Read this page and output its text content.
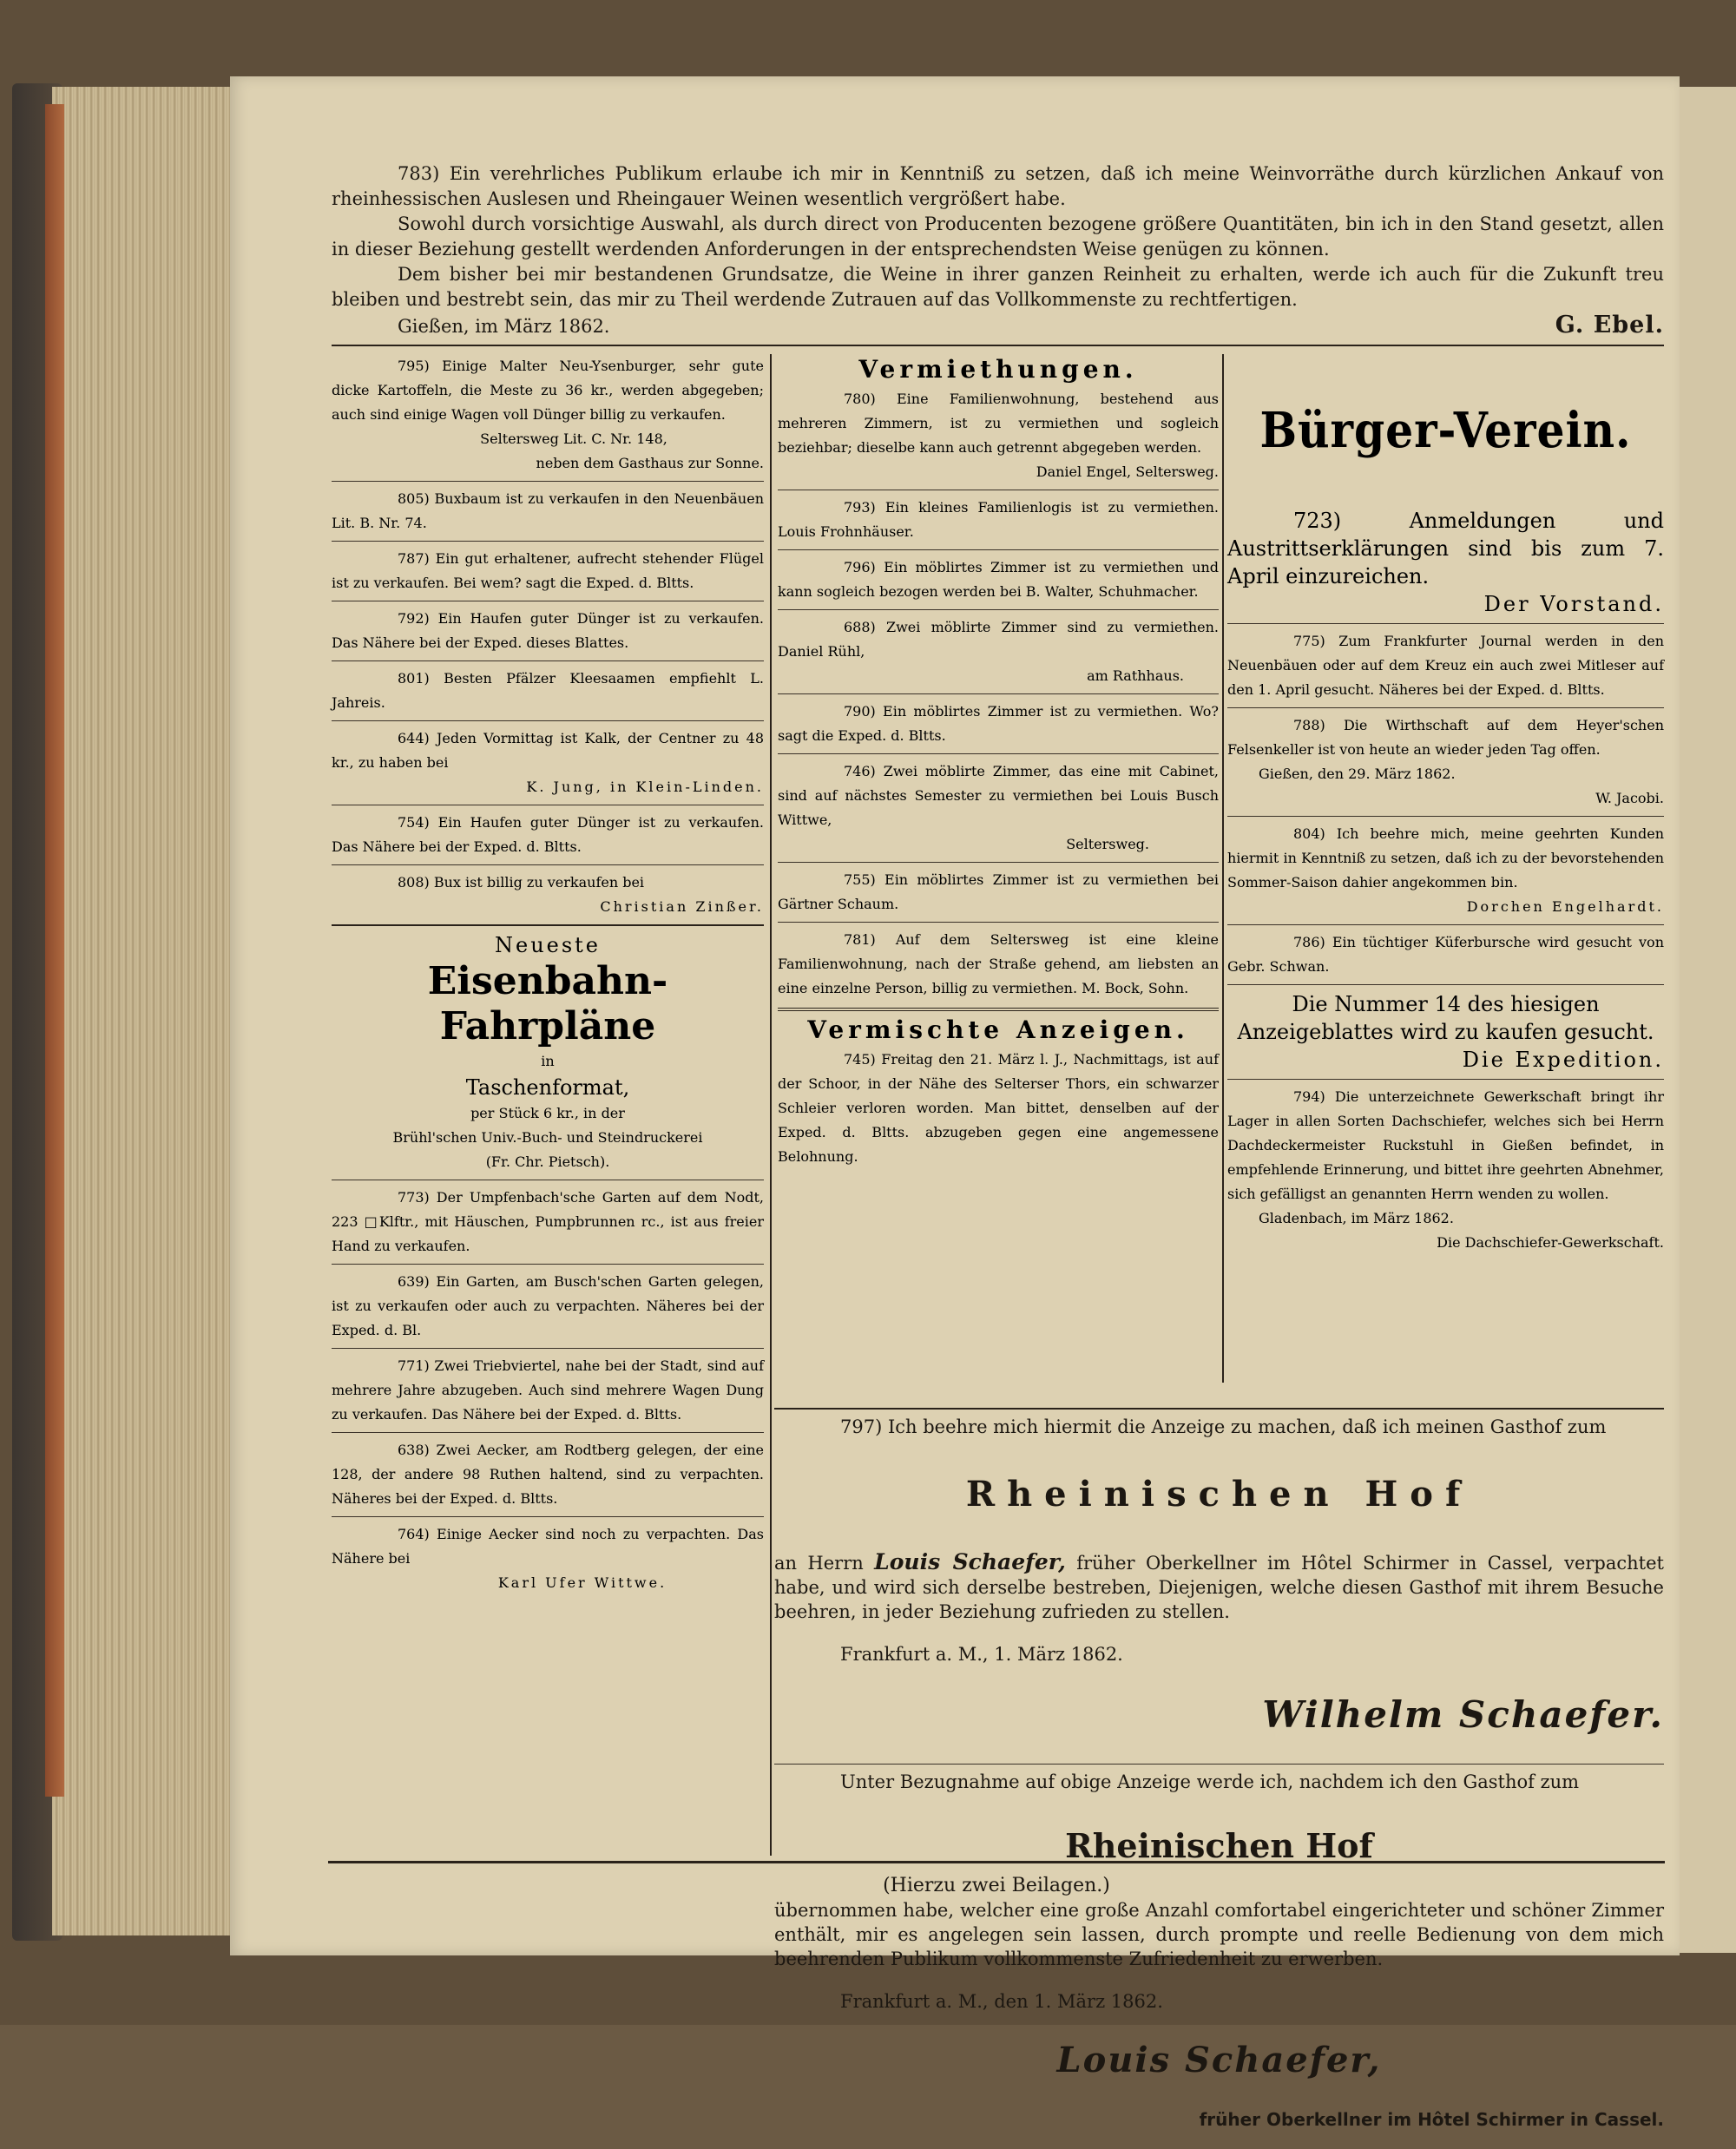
783) Ein verehrliches Publikum erlaube ich mir in Kenntniß zu setzen, daß ich meine Weinvorräthe durch kürzlichen Ankauf von rheinhessischen Auslesen und Rheingauer Weinen wesentlich vergrößert habe.

Sowohl durch vorsichtige Auswahl, als durch direct von Producenten bezogene größere Quantitäten, bin ich in den Stand gesetzt, allen in dieser Beziehung gestellt werdenden Anforderungen in der entsprechendsten Weise genügen zu können.

Dem bisher bei mir bestandenen Grundsatze, die Weine in ihrer ganzen Reinheit zu erhalten, werde ich auch für die Zukunft treu bleiben und bestrebt sein, das mir zu Theil werdende Zutrauen auf das Vollkommenste zu rechtfertigen.

Gießen, im März 1862.	G. Ebel.

795) Einige Malter Neu-Ysenburger, sehr gute dicke Kartoffeln, die Meste zu 36 kr., werden abgegeben; auch sind einige Wagen voll Dünger billig zu verkaufen.

Seltersweg Lit. C. Nr. 148,

neben dem Gasthaus zur Sonne.

805) Buxbaum ist zu verkaufen in den Neuenbäuen Lit. B. Nr. 74.

787) Ein gut erhaltener, aufrecht stehender Flügel ist zu verkaufen. Bei wem? sagt die Exped. d. Bltts.

792) Ein Haufen guter Dünger ist zu verkaufen. Das Nähere bei der Exped. dieses Blattes.

801) Besten Pfälzer Kleesaamen empfiehlt L. Jahreis.

644) Jeden Vormittag ist Kalk, der Centner zu 48 kr., zu haben bei

K. Jung, in Klein-Linden.

754) Ein Haufen guter Dünger ist zu verkaufen. Das Nähere bei der Exped. d. Bltts.

808) Bux ist billig zu verkaufen bei

Christian Zinßer.

Neueste

Eisenbahn-Fahrpläne

in

Taschenformat,

per Stück 6 kr., in der

Brühl'schen Univ.-Buch- und Steindruckerei

(Fr. Chr. Pietsch).

773) Der Umpfenbach'sche Garten auf dem Nodt, 223 □Klftr., mit Häuschen, Pumpbrunnen rc., ist aus freier Hand zu verkaufen.

639) Ein Garten, am Busch'schen Garten gelegen, ist zu verkaufen oder auch zu verpachten. Näheres bei der Exped. d. Bl.

771) Zwei Triebviertel, nahe bei der Stadt, sind auf mehrere Jahre abzugeben. Auch sind mehrere Wagen Dung zu verkaufen. Das Nähere bei der Exped. d. Bltts.

638) Zwei Aecker, am Rodtberg gelegen, der eine 128, der andere 98 Ruthen haltend, sind zu verpachten. Näheres bei der Exped. d. Bltts.

764) Einige Aecker sind noch zu verpachten. Das Nähere bei

Karl Ufer Wittwe.

Vermiethungen.

780) Eine Familienwohnung, bestehend aus mehreren Zimmern, ist zu vermiethen und sogleich beziehbar; dieselbe kann auch getrennt abgegeben werden.

Daniel Engel, Seltersweg.

793) Ein kleines Familienlogis ist zu vermiethen. Louis Frohnhäuser.

796) Ein möblirtes Zimmer ist zu vermiethen und kann sogleich bezogen werden bei B. Walter, Schuhmacher.

688) Zwei möblirte Zimmer sind zu vermiethen. Daniel Rühl,

am Rathhaus.

790) Ein möblirtes Zimmer ist zu vermiethen. Wo? sagt die Exped. d. Bltts.

746) Zwei möblirte Zimmer, das eine mit Cabinet, sind auf nächstes Semester zu vermiethen bei Louis Busch Wittwe,

Seltersweg.

755) Ein möblirtes Zimmer ist zu vermiethen bei Gärtner Schaum.

781) Auf dem Seltersweg ist eine kleine Familienwohnung, nach der Straße gehend, am liebsten an eine einzelne Person, billig zu vermiethen. M. Bock, Sohn.

Vermischte Anzeigen.

745) Freitag den 21. März l. J., Nachmittags, ist auf der Schoor, in der Nähe des Selterser Thors, ein schwarzer Schleier verloren worden. Man bittet, denselben auf der Exped. d. Bltts. abzugeben gegen eine angemessene Belohnung.

Bürger-Verein.

723) Anmeldungen und Austrittserklärungen sind bis zum 7. April einzureichen.

Der Vorstand.

775) Zum Frankfurter Journal werden in den Neuenbäuen oder auf dem Kreuz ein auch zwei Mitleser auf den 1. April gesucht. Näheres bei der Exped. d. Bltts.

788) Die Wirthschaft auf dem Heyer'schen Felsenkeller ist von heute an wieder jeden Tag offen.

Gießen, den 29. März 1862.

W. Jacobi.

804) Ich beehre mich, meine geehrten Kunden hiermit in Kenntniß zu setzen, daß ich zu der bevorstehenden Sommer-Saison dahier angekommen bin.

Dorchen Engelhardt.

786) Ein tüchtiger Küferbursche wird gesucht von Gebr. Schwan.

Die Nummer 14 des hiesigen Anzeigeblattes wird zu kaufen gesucht.

Die Expedition.

794) Die unterzeichnete Gewerkschaft bringt ihr Lager in allen Sorten Dachschiefer, welches sich bei Herrn Dachdeckermeister Ruckstuhl in Gießen befindet, in empfehlende Erinnerung, und bittet ihre geehrten Abnehmer, sich gefälligst an genannten Herrn wenden zu wollen.

Gladenbach, im März 1862.

Die Dachschiefer-Gewerkschaft.

797) Ich beehre mich hiermit die Anzeige zu machen, daß ich meinen Gasthof zum

Rheinischen Hof

an Herrn Louis Schaefer, früher Oberkellner im Hôtel Schirmer in Cassel, verpachtet habe, und wird sich derselbe bestreben, Diejenigen, welche diesen Gasthof mit ihrem Besuche beehren, in jeder Beziehung zufrieden zu stellen.

Frankfurt a. M., 1. März 1862.

Wilhelm Schaefer.

Unter Bezugnahme auf obige Anzeige werde ich, nachdem ich den Gasthof zum

Rheinischen Hof

übernommen habe, welcher eine große Anzahl comfortabel eingerichteter und schöner Zimmer enthält, mir es angelegen sein lassen, durch prompte und reelle Bedienung von dem mich beehrenden Publikum vollkommenste Zufriedenheit zu erwerben.

Frankfurt a. M., den 1. März 1862.

Louis Schaefer,

früher Oberkellner im Hôtel Schirmer in Cassel.

(Hierzu zwei Beilagen.)
